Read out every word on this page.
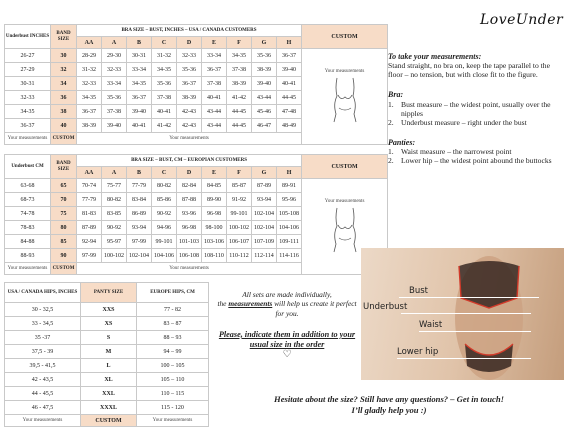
LoveUnder
Underbust INCHES	BAND SIZE	BRA SIZE – BUST, INCHES – USA / CANADA CUSTOMERS									CUSTOM
		AA	A	B	C	D	E	F	G	H	
26-27	30	28-29	29-30	30-31	31-32	32-33	33-34	34-35	35-36	36-37	Your measurements

27-29	32	31-32	32-33	33-34	34-35	35-36	36-37	37-38	38-39	39-40	
30-31	34	32-33	33-34	34-35	35-36	36-37	37-38	38-39	39-40	40-41	
32-33	36	34-35	35-36	36-37	37-38	38-39	40-41	41-42	43-44	44-45	
34-35	38	36-37	37-38	39-40	40-41	42-43	43-44	44-45	45-46	47-48	
36-37	40	38-39	39-40	40-41	41-42	42-43	43-44	44-45	46-47	48-49	
Your measurements	CUSTOM	Your measurements									
Underbust CM	BAND SIZE	BRA SIZE – BUST, CM – EUROPIAN CUSTOMERS									CUSTOM
		AA	A	B	C	D	E	F	G	H	
63-68	65	70-74	75-77	77-79	80-82	82-84	84-85	85-87	87-89	89-91	Your measurements

68-73	70	77-79	80-82	83-84	85-86	87-88	89-90	91-92	93-94	95-96	
74-78	75	81-83	83-85	86-89	90-92	93-96	96-98	99-101	102-104	105-108	
78-83	80	87-89	90-92	93-94	94-96	96-98	98-100	100-102	102-104	104-106	
84-88	85	92-94	95-97	97-99	99-101	101-103	103-106	106-107	107-109	109-111	
88-93	90	97-99	100-102	102-104	104-106	106-108	108-110	110-112	112-114	114-116	
Your measurements	CUSTOM	Your measurements									
USA / CANADA HIPS, INCHES	PANTY SIZE	EUROPE HIPS, CM
30 - 32,5	XXS	77 - 82
33 - 34,5	XS	83 – 87
35 -37	S	88 – 93
37,5 - 39	M	94 – 99
39,5 - 41,5	L	100 – 105
42 - 43,5	XL	105 – 110
44 - 45,5	XXL	110 – 115
46 - 47,5	XXXL	115 - 120
Your measurements	CUSTOM	Your measurements
To take your measurements:

Stand straight, no bra on, keep the tape parallel to the floor – no tension, but with close fit to the figure.

Bra:
1. Bust measure – the widest point, usually over the nipples
2. Underbust measure – right under the bust
Panties:
1. Waist measure – the narrowest point
2. Lower hip – the widest point abound the buttocks
All sets are made individually,
the measurements will help us create it perfect for you.
Please, indicate them in addition to your usual size in the order
♡
Bust
Underbust
Waist
Lower hip
Hesitate about the size? Still have any questions? – Get in touch!
I’ll gladly help you :)
